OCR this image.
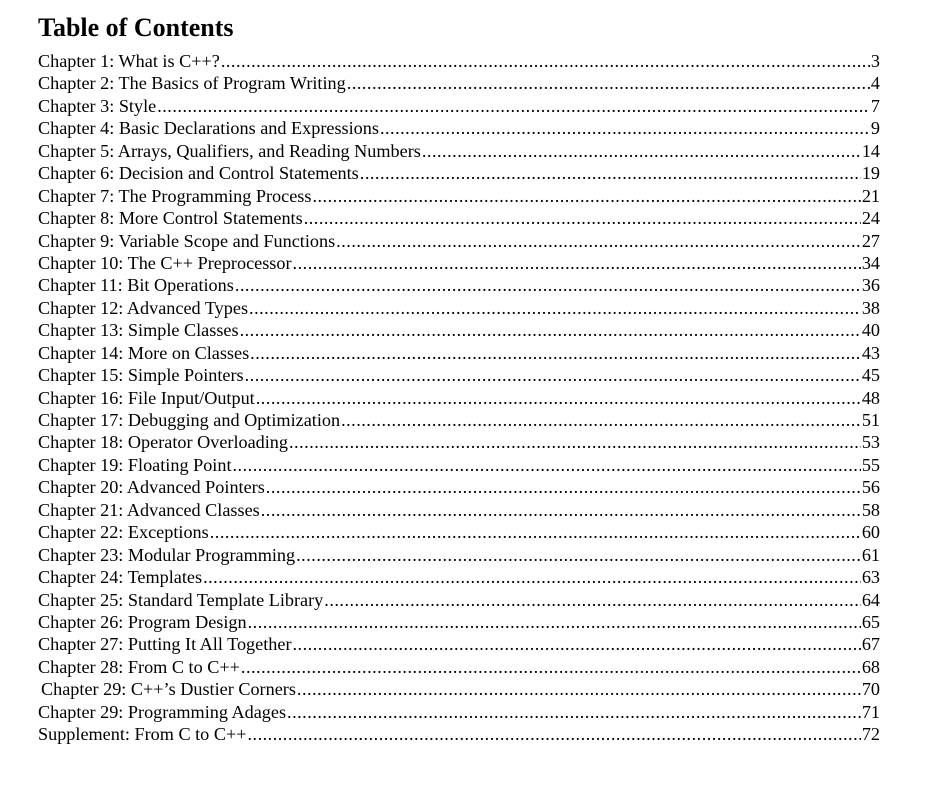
Table of Contents
Chapter 1: What is C++? .....	3
Chapter 2: The Basics of Program Writing .....	4
Chapter 3: Style .....	7
Chapter 4: Basic Declarations and Expressions .....	9
Chapter 5: Arrays, Qualifiers, and Reading Numbers .....	14
Chapter 6: Decision and Control Statements .....	19
Chapter 7: The Programming Process .....	21
Chapter 8: More Control Statements .....	24
Chapter 9: Variable Scope and Functions .....	27
Chapter 10: The C++ Preprocessor .....	34
Chapter 11: Bit Operations .....	36
Chapter 12: Advanced Types .....	38
Chapter 13: Simple Classes .....	40
Chapter 14: More on Classes .....	43
Chapter 15: Simple Pointers .....	45
Chapter 16: File Input/Output .....	48
Chapter 17: Debugging and Optimization .....	51
Chapter 18: Operator Overloading .....	53
Chapter 19: Floating Point .....	55
Chapter 20: Advanced Pointers .....	56
Chapter 21: Advanced Classes .....	58
Chapter 22: Exceptions .....	60
Chapter 23: Modular Programming .....	61
Chapter 24: Templates .....	63
Chapter 25: Standard Template Library .....	64
Chapter 26: Program Design .....	65
Chapter 27: Putting It All Together .....	67
Chapter 28: From C to C++ .....	68
Chapter 29: C++’s Dustier Corners .....	70
Chapter 29: Programming Adages .....	71
Supplement: From C to C++ .....	72
